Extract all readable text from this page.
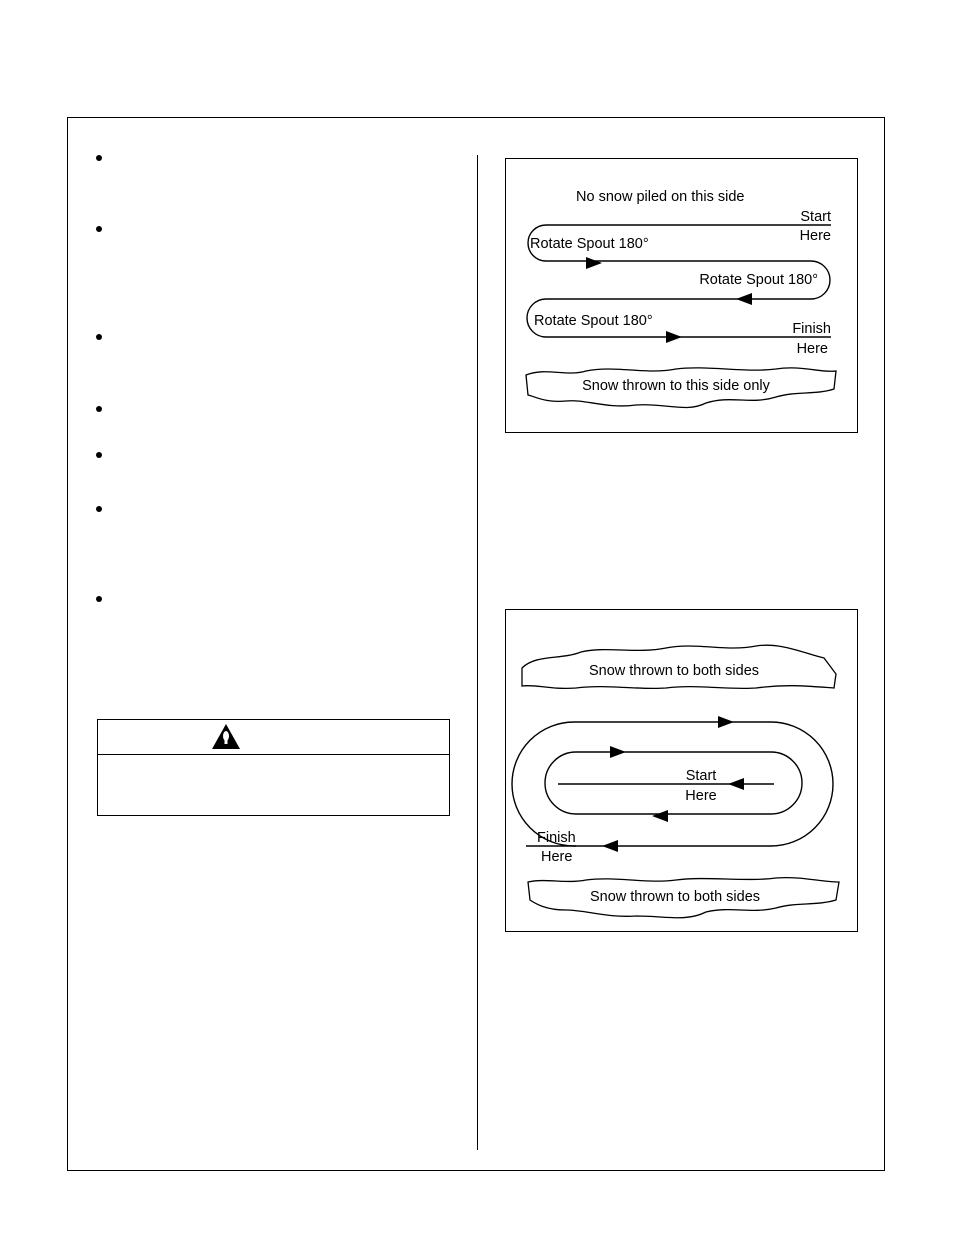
No snow piled on this side
Start
Here
Rotate Spout 180°
Rotate Spout 180°
Rotate Spout 180°	Finish
Here
Snow thrown to this side only
Snow thrown to both sides
Start
Here
Finish
Here
Snow thrown to both sides
